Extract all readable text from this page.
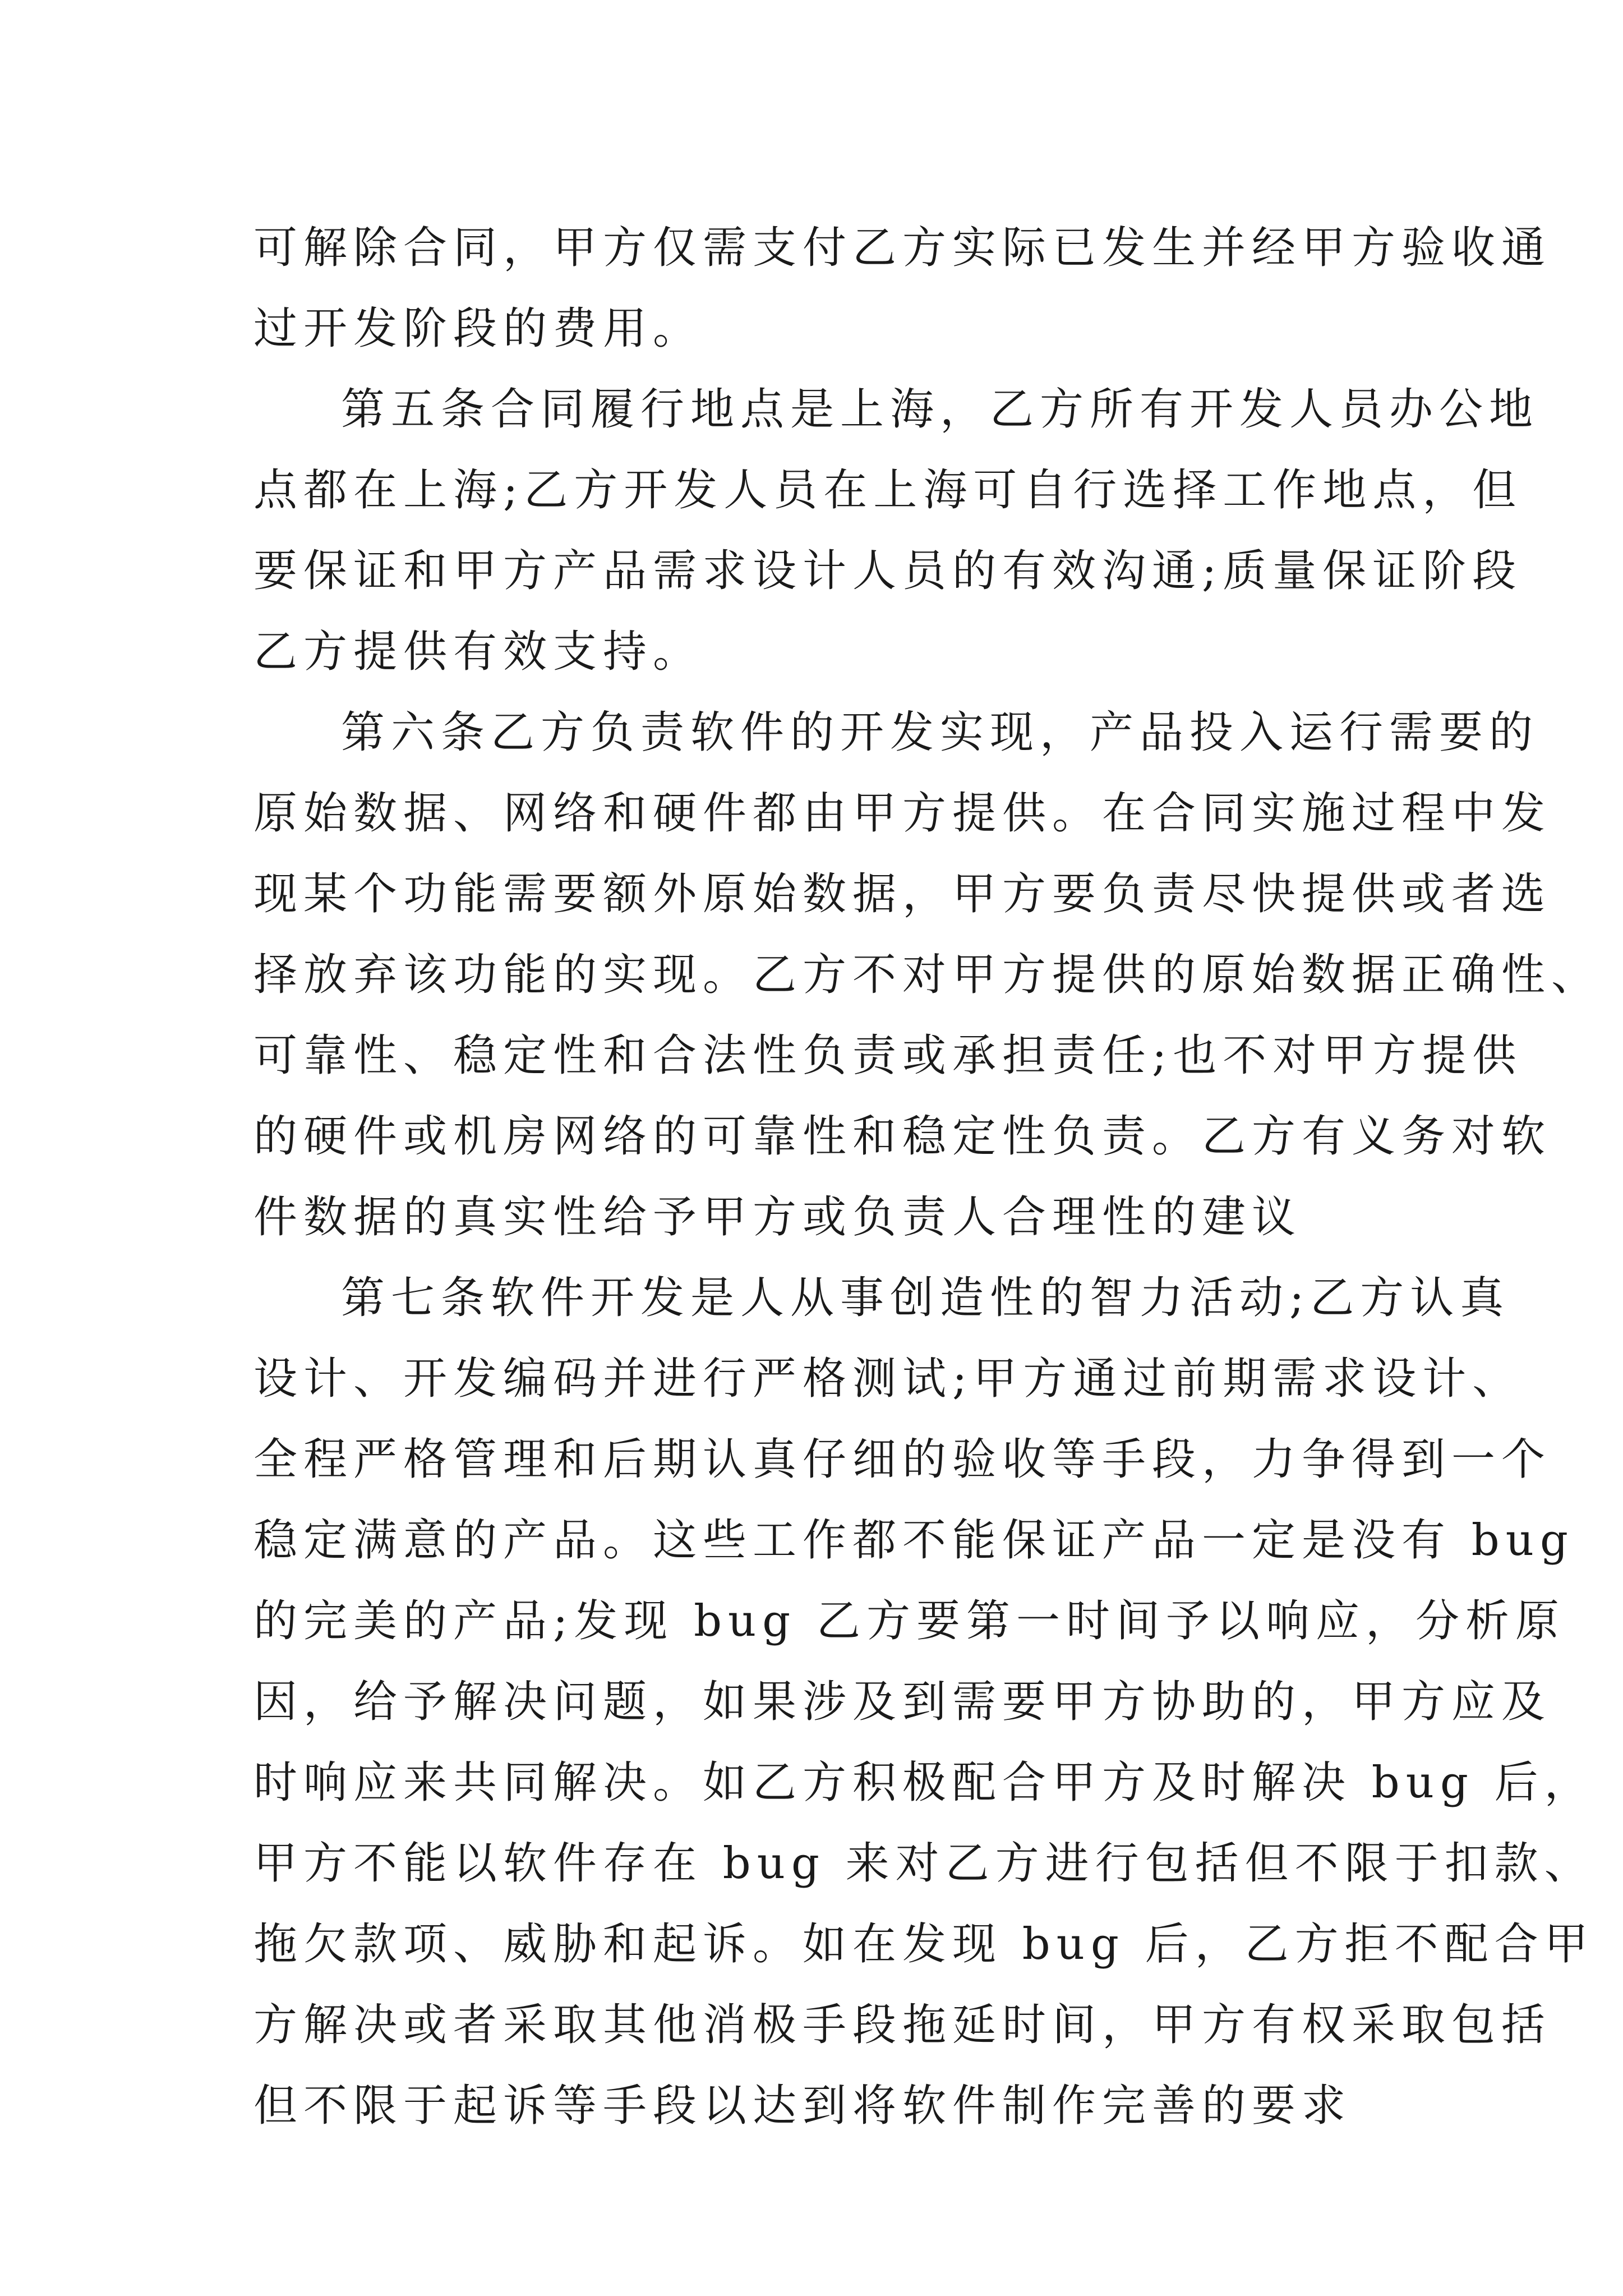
可解除合同，甲方仅需支付乙方实际已发生并经甲方验收通
过开发阶段的费用。
第五条合同履行地点是上海，乙方所有开发人员办公地
点都在上海;乙方开发人员在上海可自行选择工作地点，但
要保证和甲方产品需求设计人员的有效沟通;质量保证阶段
乙方提供有效支持。
第六条乙方负责软件的开发实现，产品投入运行需要的
原始数据、网络和硬件都由甲方提供。在合同实施过程中发
现某个功能需要额外原始数据，甲方要负责尽快提供或者选
择放弃该功能的实现。乙方不对甲方提供的原始数据正确性、
可靠性、稳定性和合法性负责或承担责任;也不对甲方提供
的硬件或机房网络的可靠性和稳定性负责。乙方有义务对软
件数据的真实性给予甲方或负责人合理性的建议
第七条软件开发是人从事创造性的智力活动;乙方认真
设计、开发编码并进行严格测试;甲方通过前期需求设计、
全程严格管理和后期认真仔细的验收等手段，力争得到一个
稳定满意的产品。这些工作都不能保证产品一定是没有 bug
的完美的产品;发现 bug 乙方要第一时间予以响应，分析原
因，给予解决问题，如果涉及到需要甲方协助的，甲方应及
时响应来共同解决。如乙方积极配合甲方及时解决 bug 后，
甲方不能以软件存在 bug 来对乙方进行包括但不限于扣款、
拖欠款项、威胁和起诉。如在发现 bug 后，乙方拒不配合甲
方解决或者采取其他消极手段拖延时间，甲方有权采取包括
但不限于起诉等手段以达到将软件制作完善的要求
